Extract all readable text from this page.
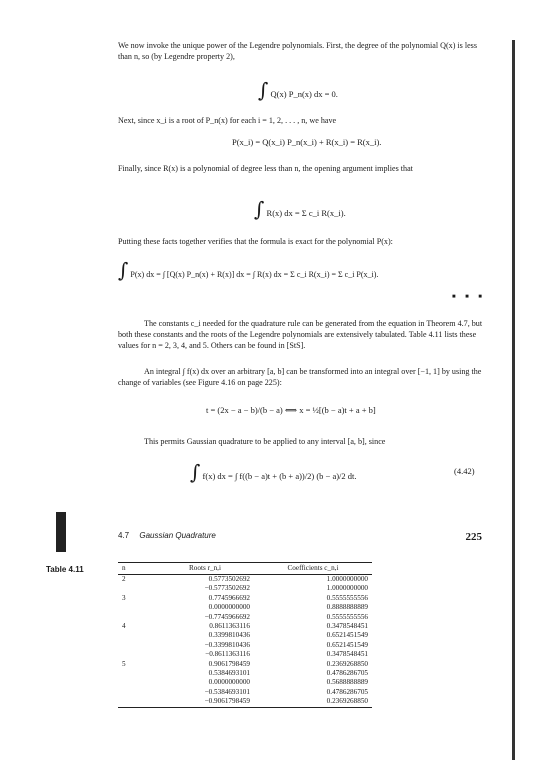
We now invoke the unique power of the Legendre polynomials. First, the degree of the polynomial Q(x) is less than n, so (by Legendre property 2),
∫ Q(x) P_n(x) dx = 0.
Next, since x_i is a root of P_n(x) for each i = 1, 2, . . . , n, we have
P(x_i) = Q(x_i) P_n(x_i) + R(x_i) = R(x_i).
Finally, since R(x) is a polynomial of degree less than n, the opening argument implies that
∫ R(x) dx = Σ c_i R(x_i).
Putting these facts together verifies that the formula is exact for the polynomial P(x):
∫ P(x) dx = ∫ [Q(x) P_n(x) + R(x)] dx = ∫ R(x) dx = Σ c_i R(x_i) = Σ c_i P(x_i).
■ ■ ■
The constants c_i needed for the quadrature rule can be generated from the equation in Theorem 4.7, but both these constants and the roots of the Legendre polynomials are extensively tabulated. Table 4.11 lists these values for n = 2, 3, 4, and 5. Others can be found in [StS].
An integral ∫ f(x) dx over an arbitrary [a, b] can be transformed into an integral over [−1, 1] by using the change of variables (see Figure 4.16 on page 225):
t = (2x − a − b)/(b − a) ⟺ x = ½[(b − a)t + a + b]
This permits Gaussian quadrature to be applied to any interval [a, b], since
∫ f(x) dx = ∫ f((b − a)t + (b + a))/2) (b − a)/2 dt.	(4.42)
4.7 Gaussian Quadrature	225
Table 4.11	n	Roots r_n,i	Coefficients c_n,i
2	0.5773502692	1.0000000000
	−0.5773502692	1.0000000000
3	0.7745966692	0.5555555556
	0.0000000000	0.8888888889
	−0.7745966692	0.5555555556
4	0.8611363116	0.3478548451
	0.3399810436	0.6521451549
	−0.3399810436	0.6521451549
	−0.8611363116	0.3478548451
5	0.9061798459	0.2369268850
	0.5384693101	0.4786286705
	0.0000000000	0.5688888889
	−0.5384693101	0.4786286705
	−0.9061798459	0.2369268850
